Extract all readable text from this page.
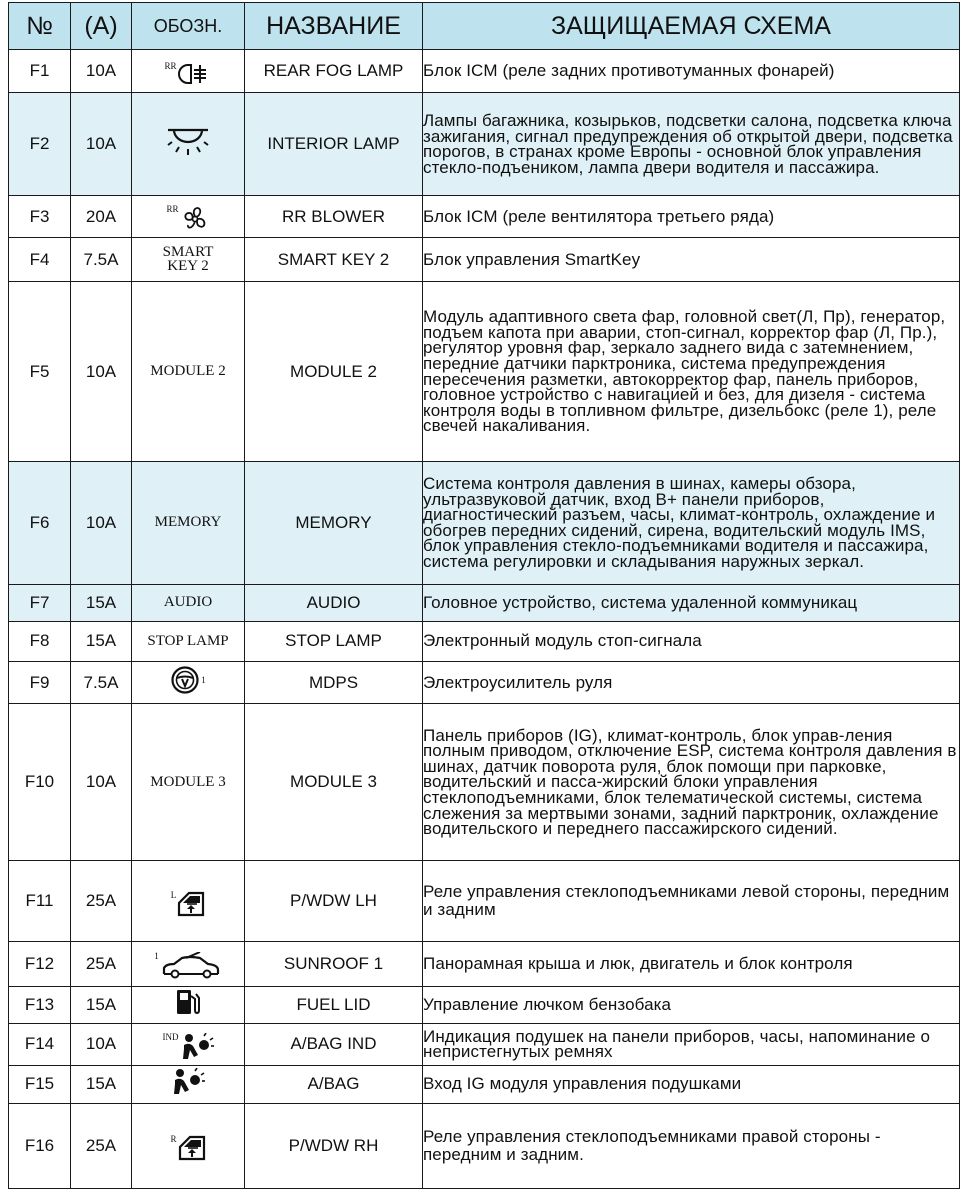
№	(A)	ОБОЗН.	НАЗВАНИЕ	ЗАЩИЩАЕМАЯ СХЕМА
F1	10A	RR	REAR FOG LAMP	Блок ICM (реле задних противотуманных фонарей)
F2	10A		INTERIOR LAMP	Лампы багажника, козырьков, подсветки салона, подсветка ключа зажигания, сигнал предупреждения об открытой двери, подсветка порогов, в странах кроме Европы - основной блок управления стекло-подъеником, лампа двери водителя и пассажира.
F3	20A	RR	RR BLOWER	Блок ICM (реле вентилятора третьего ряда)
F4	7.5A	SMART KEY 2	SMART KEY 2	Блок управления SmartKey
F5	10A	MODULE 2	MODULE 2	Модуль адаптивного света фар, головной свет(Л, Пр), генератор, подъем капота при аварии, стоп-сигнал, корректор фар (Л, Пр.), регулятор уровня фар, зеркало заднего вида с затемнением, передние датчики парктроника, система предупреждения пересечения разметки, автокорректор фар, панель приборов, головное устройство с навигацией и без, для дизеля - система контроля воды в топливном фильтре, дизельбокс (реле 1), реле свечей накаливания.
F6	10A	MEMORY	MEMORY	Система контроля давления в шинах, камеры обзора, ультразвуковой датчик, вход B+ панели приборов, диагностический разъем, часы, климат-контроль, охлаждение и обогрев передних сидений, сирена, водительский модуль IMS, блок управления стекло-подъемниками водителя и пассажира, система регулировки и складывания наружных зеркал.
F7	15A	AUDIO	AUDIO	Головное устройство, система удаленной коммуникац
F8	15A	STOP LAMP	STOP LAMP	Электронный модуль стоп-сигнала
F9	7.5A	1	MDPS	Электроусилитель руля
F10	10A	MODULE 3	MODULE 3	Панель приборов (IG), климат-контроль, блок управ-ления полным приводом, отключение ESP, система контроля давления в шинах, датчик поворота руля, блок помощи при парковке, водительский и пасса-жирский блоки управления стеклоподъемниками, блок телематической системы, система слежения за мертвыми зонами, задний парктроник, охлаждение водительского и переднего пассажирского сидений.
F11	25A	L	P/WDW LH	Реле управления стеклоподъемниками левой стороны, передним и задним
F12	25A	1	SUNROOF 1	Панорамная крыша и люк, двигатель и блок контроля
F13	15A		FUEL LID	Управление лючком бензобака
F14	10A	IND	A/BAG IND	Индикация подушек на панели приборов, часы, напоминание о непристегнутых ремнях
F15	15A		A/BAG	Вход IG модуля управления подушками
F16	25A	R	P/WDW RH	Реле управления стеклоподъемниками правой стороны - передним и задним.
